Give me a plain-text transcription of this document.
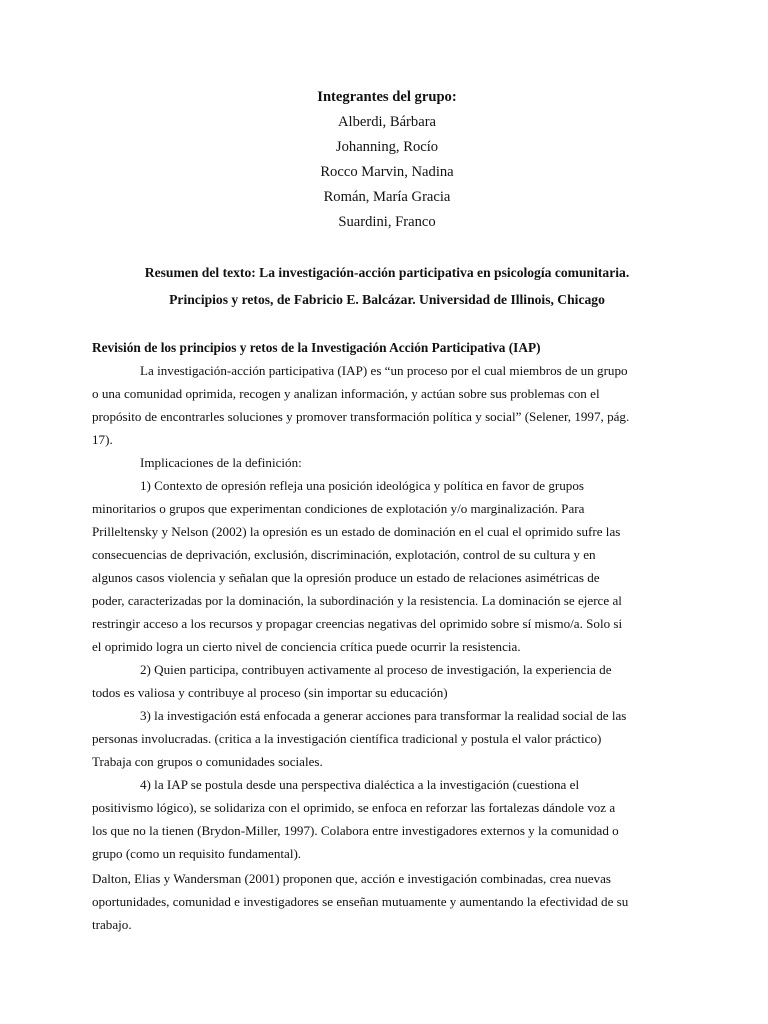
Integrantes del grupo:

Alberdi, Bárbara

Johanning, Rocío

Rocco Marvin, Nadina

Román, María Gracia

Suardini, Franco

Resumen del texto: La investigación-acción participativa en psicología comunitaria.
Principios y retos, de Fabricio E. Balcázar. Universidad de Illinois, Chicago
Revisión de los principios y retos de la Investigación Acción Participativa (IAP)

La investigación-acción participativa (IAP) es “un proceso por el cual miembros de un grupo
o una comunidad oprimida, recogen y analizan información, y actúan sobre sus problemas con el
propósito de encontrarles soluciones y promover transformación política y social” (Selener, 1997, pág.
17).

Implicaciones de la definición:

1) Contexto de opresión refleja una posición ideológica y política en favor de grupos
minoritarios o grupos que experimentan condiciones de explotación y/o marginalización. Para
Prilleltensky y Nelson (2002) la opresión es un estado de dominación en el cual el oprimido sufre las
consecuencias de deprivación, exclusión, discriminación, explotación, control de su cultura y en
algunos casos violencia y señalan que la opresión produce un estado de relaciones asimétricas de
poder, caracterizadas por la dominación, la subordinación y la resistencia. La dominación se ejerce al
restringir acceso a los recursos y propagar creencias negativas del oprimido sobre sí mismo/a. Solo si
el oprimido logra un cierto nivel de conciencia crítica puede ocurrir la resistencia.

2) Quien participa, contribuyen activamente al proceso de investigación, la experiencia de
todos es valiosa y contribuye al proceso (sin importar su educación)

3) la investigación está enfocada a generar acciones para transformar la realidad social de las
personas involucradas. (critica a la investigación científica tradicional y postula el valor práctico)
Trabaja con grupos o comunidades sociales.

4) la IAP se postula desde una perspectiva dialéctica a la investigación (cuestiona el
positivismo lógico), se solidariza con el oprimido, se enfoca en reforzar las fortalezas dándole voz a
los que no la tienen (Brydon-Miller, 1997). Colabora entre investigadores externos y la comunidad o
grupo (como un requisito fundamental).

Dalton, Elias y Wandersman (2001) proponen que, acción e investigación combinadas, crea nuevas
oportunidades, comunidad e investigadores se enseñan mutuamente y aumentando la efectividad de su
trabajo.
